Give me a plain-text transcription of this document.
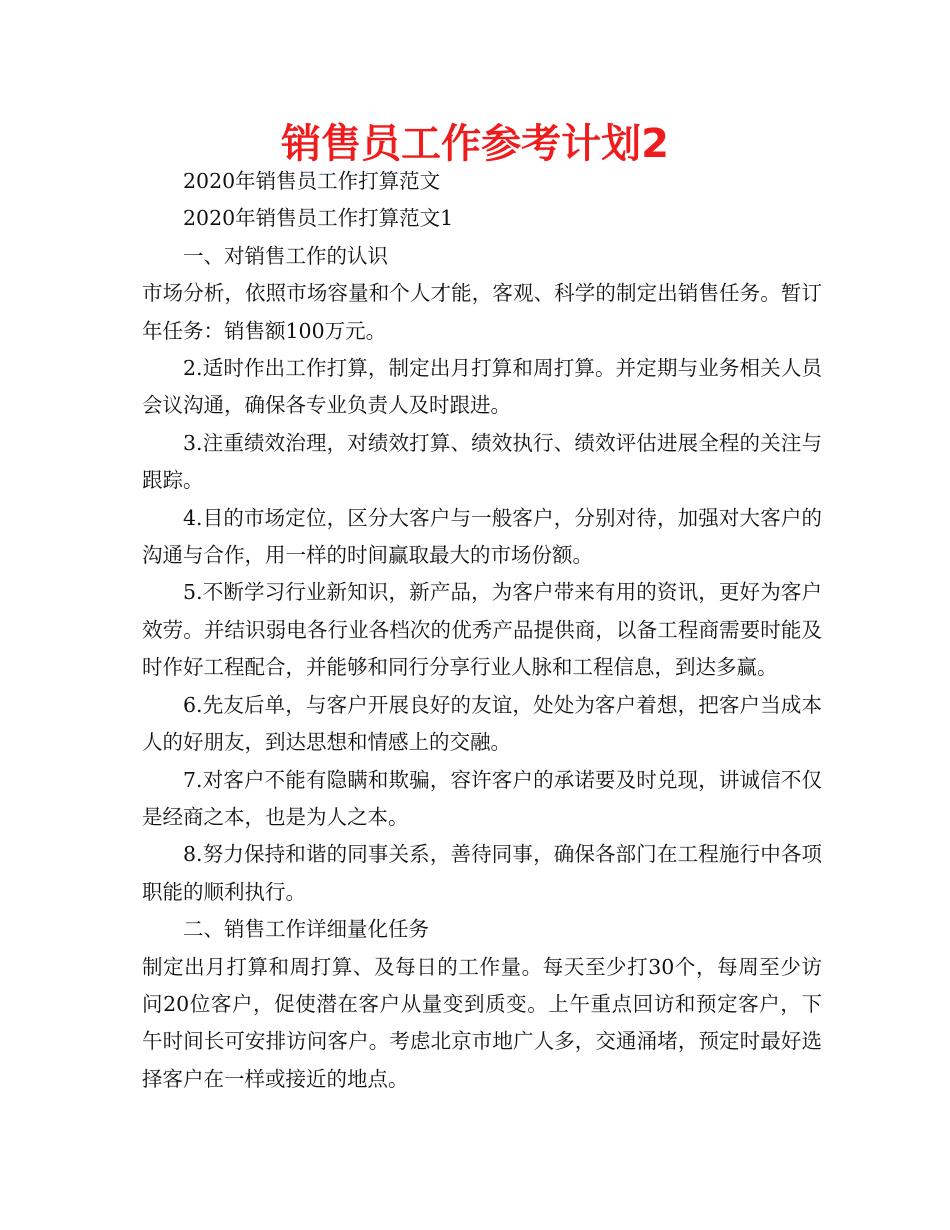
销售员工作参考计划2

2020年销售员工作打算范文

2020年销售员工作打算范文1

一、对销售工作的认识

市场分析，依照市场容量和个人才能，客观、科学的制定出销售任务。暂订年任务：销售额100万元。

2.适时作出工作打算，制定出月打算和周打算。并定期与业务相关人员会议沟通，确保各专业负责人及时跟进。

3.注重绩效治理，对绩效打算、绩效执行、绩效评估进展全程的关注与跟踪。

4.目的市场定位，区分大客户与一般客户，分别对待，加强对大客户的沟通与合作，用一样的时间赢取最大的市场份额。

5.不断学习行业新知识，新产品，为客户带来有用的资讯，更好为客户效劳。并结识弱电各行业各档次的优秀产品提供商，以备工程商需要时能及时作好工程配合，并能够和同行分享行业人脉和工程信息，到达多赢。

6.先友后单，与客户开展良好的友谊，处处为客户着想，把客户当成本人的好朋友，到达思想和情感上的交融。

7.对客户不能有隐瞒和欺骗，容许客户的承诺要及时兑现，讲诚信不仅是经商之本，也是为人之本。

8.努力保持和谐的同事关系，善待同事，确保各部门在工程施行中各项职能的顺利执行。

二、销售工作详细量化任务

制定出月打算和周打算、及每日的工作量。每天至少打30个，每周至少访问20位客户，促使潜在客户从量变到质变。上午重点回访和预定客户，下午时间长可安排访问客户。考虑北京市地广人多，交通涌堵，预定时最好选择客户在一样或接近的地点。
